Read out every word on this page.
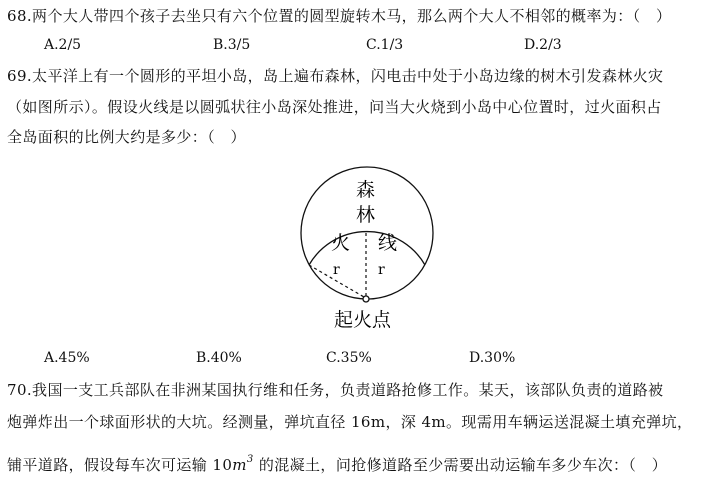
68.两个大人带四个孩子去坐只有六个位置的圆型旋转木马，那么两个大人不相邻的概率为：（　）
A.2/5	B.3/5	C.1/3	D.2/3
69.太平洋上有一个圆形的平坦小岛，岛上遍布森林，闪电击中处于小岛边缘的树木引发森林火灾
（如图所示）。假设火线是以圆弧状往小岛深处推进，问当大火烧到小岛中心位置时，过火面积占
全岛面积的比例大约是多少：（　）
森
林
火 线
r	r
起火点
A.45%	B.40%	C.35%	D.30%
70.我国一支工兵部队在非洲某国执行维和任务，负责道路抢修工作。某天，该部队负责的道路被
炮弹炸出一个球面形状的大坑。经测量，弹坑直径 16m，深 4m。现需用车辆运送混凝土填充弹坑，
铺平道路，假设每车次可运输 $10m^3$ 的混凝土，问抢修道路至少需要出动运输车多少车次：（　）
